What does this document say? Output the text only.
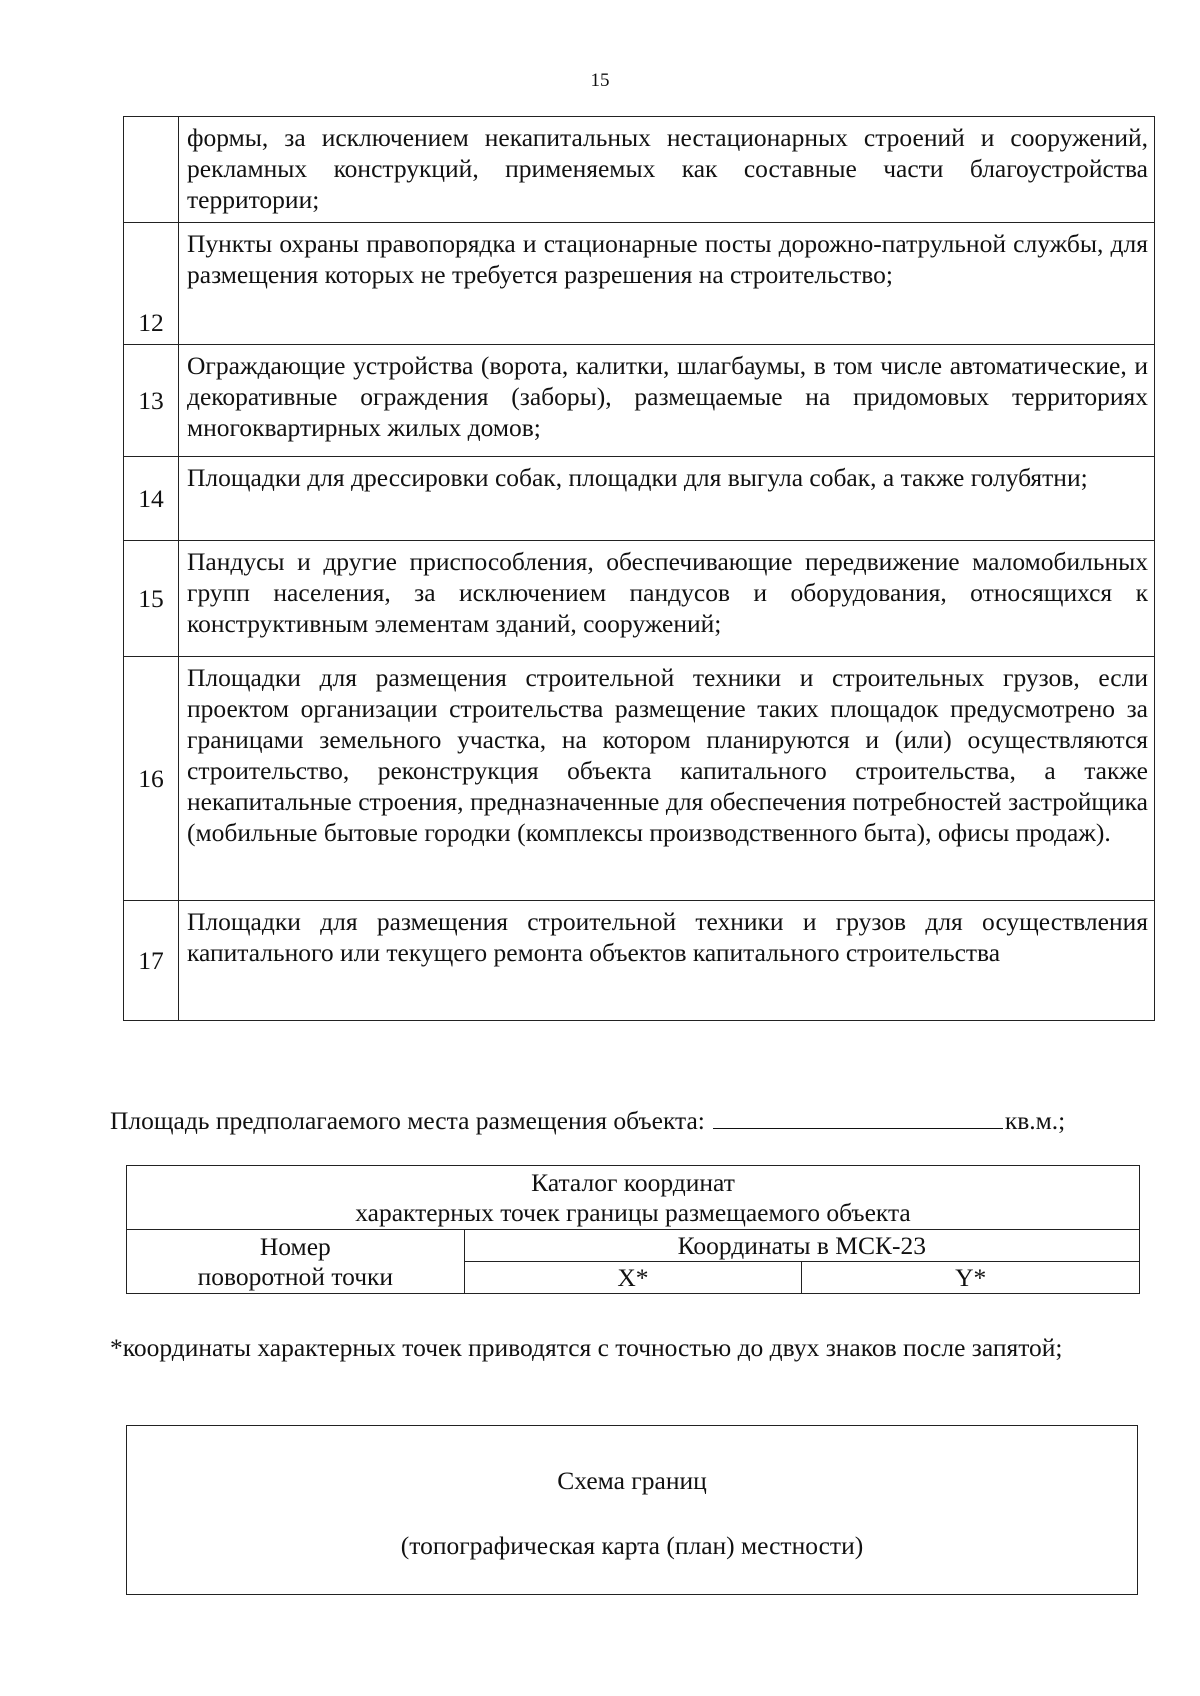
15
	формы, за исключением некапитальных нестационарных строений и сооружений, рекламных конструкций, применяемых как составные части благоустройства территории;
12	Пункты охраны правопорядка и стационарные посты дорожно-патрульной службы, для размещения которых не требуется разрешения на строительство;
13	Ограждающие устройства (ворота, калитки, шлагбаумы, в том числе автоматические, и декоративные ограждения (заборы), размещаемые на придомовых территориях многоквартирных жилых домов;
14	Площадки для дрессировки собак, площадки для выгула собак, а также голубятни;
15	Пандусы и другие приспособления, обеспечивающие передвижение маломобильных групп населения, за исключением пандусов и оборудования, относящихся к конструктивным элементам зданий, сооружений;
16	Площадки для размещения строительной техники и строительных грузов, если проектом организации строительства размещение таких площадок предусмотрено за границами земельного участка, на котором планируются и (или) осуществляются строительство, реконструкция объекта капитального строительства, а также некапитальные строения, предназначенные для обеспечения потребностей застройщика (мобильные бытовые городки (комплексы производственного быта), офисы продаж).
17	Площадки для размещения строительной техники и грузов для осуществления капитального или текущего ремонта объектов капитального строительства
Площадь предполагаемого места размещения объекта:	кв.м.;
Каталог координат
характерных точек границы размещаемого объекта		

Номер
поворотной точки	Координаты в МСК-23	
	X*	Y*
*координаты характерных точек приводятся с точностью до двух знаков после запятой;
Схема границ
(топографическая карта (план) местности)
